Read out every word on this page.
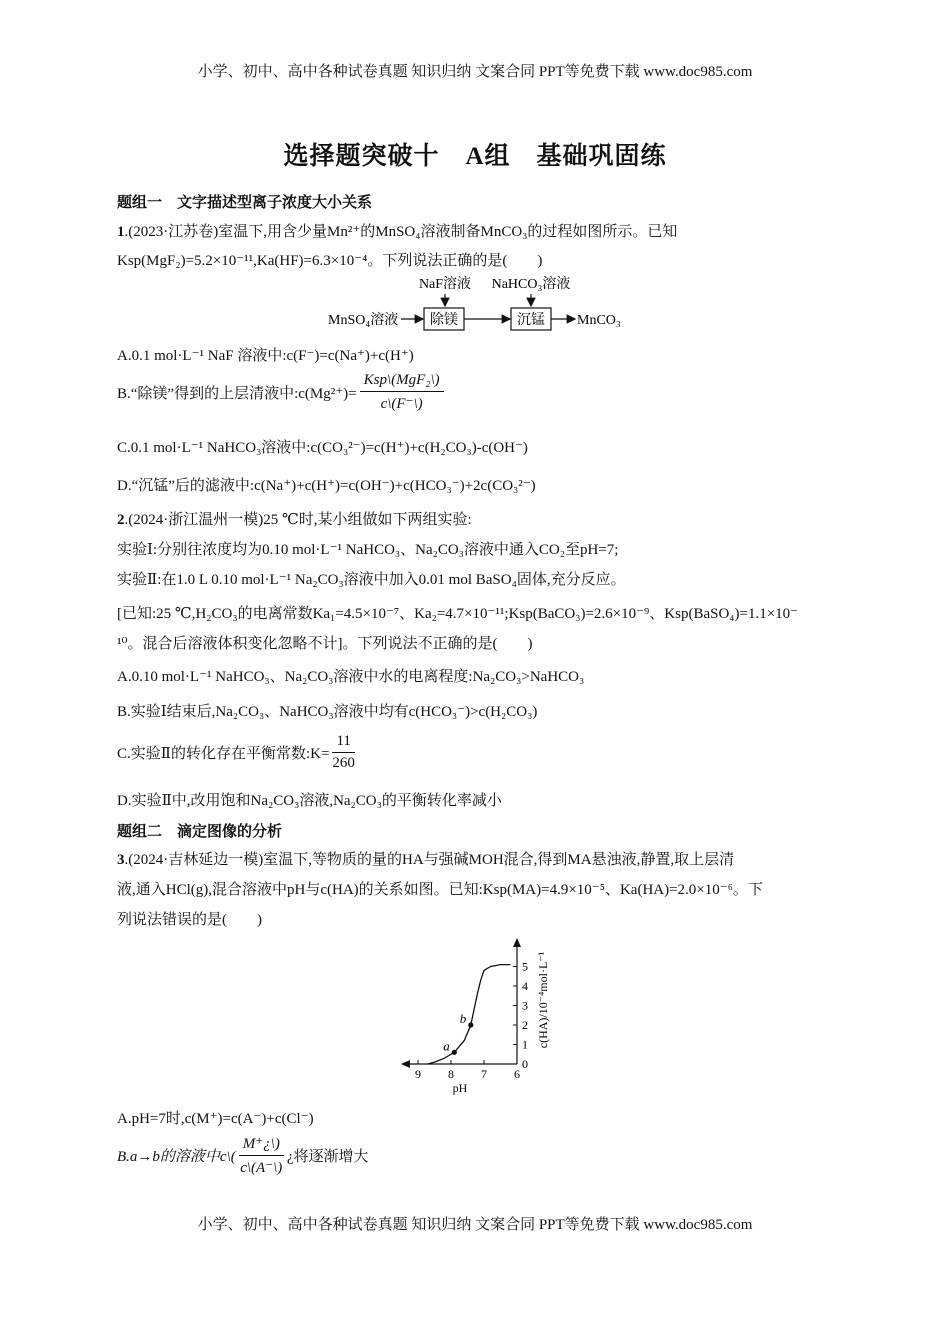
小学、初中、高中各种试卷真题 知识归纳 文案合同 PPT等免费下载 www.doc985.com
选择题突破十　A组　基础巩固练
题组一　文字描述型离子浓度大小关系
1.(2023·江苏卷)室温下,用含少量Mn²⁺的MnSO₄溶液制备MnCO₃的过程如图所示。已知
Ksp(MgF₂)=5.2×10⁻¹¹,Ka(HF)=6.3×10⁻⁴。下列说法正确的是(　　)
NaF溶液 NaHCO₃溶液
MnSO₄溶液 除镁	沉锰 MnCO₃
A.0.1 mol·L⁻¹ NaF 溶液中:c(F⁻)=c(Na⁺)+c(H⁺)
B.“除镁”得到的上层清液中:c(Mg²⁺)= $\frac{\text{Ksp\textbackslash{}(MgF₂\textbackslash{})}}{c\backslash(F^-\backslash)}$
C.0.1 mol·L⁻¹ NaHCO₃溶液中:c(CO₃²⁻)=c(H⁺)+c(H₂CO₃)-c(OH⁻)
D.“沉锰”后的滤液中:c(Na⁺)+c(H⁺)=c(OH⁻)+c(HCO₃⁻)+2c(CO₃²⁻)
2.(2024·浙江温州一模)25 ℃时,某小组做如下两组实验:
实验Ⅰ:分别往浓度均为0.10 mol·L⁻¹ NaHCO₃、Na₂CO₃溶液中通入CO₂至pH=7;
实验Ⅱ:在1.0 L 0.10 mol·L⁻¹ Na₂CO₃溶液中加入0.01 mol BaSO₄固体,充分反应。
[已知:25 ℃,H₂CO₃的电离常数Ka₁=4.5×10⁻⁷、Ka₂=4.7×10⁻¹¹;Ksp(BaCO₃)=2.6×10⁻⁹、Ksp(BaSO₄)=1.1×10⁻
¹⁰。混合后溶液体积变化忽略不计]。下列说法不正确的是(　　)
A.0.10 mol·L⁻¹ NaHCO₃、Na₂CO₃溶液中水的电离程度:Na₂CO₃>NaHCO₃
B.实验Ⅰ结束后,Na₂CO₃、NaHCO₃溶液中均有c(HCO₃⁻)>c(H₂CO₃)
C.实验Ⅱ的转化存在平衡常数:K= $\frac{11}{260}$
D.实验Ⅱ中,改用饱和Na₂CO₃溶液,Na₂CO₃的平衡转化率减小
题组二　滴定图像的分析
3.(2024·吉林延边一模)室温下,等物质的量的HA与强碱MOH混合,得到MA悬浊液,静置,取上层清
液,通入HCl(g),混合溶液中pH与c(HA)的关系如图。已知:Ksp(MA)=4.9×10⁻⁵、Ka(HA)=2.0×10⁻⁶。下
列说法错误的是(　　)
9 8 7 6
0
1
2
3
4
5
a
b
pH
c(HA)/10⁻⁴mol·L⁻¹
A.pH=7时,c(M⁺)=c(A⁻)+c(Cl⁻)
B.a→b的溶液中c\( $\frac{M^+¿\backslash)}{c\backslash(A^-\backslash)}$ ¿将逐渐增大
小学、初中、高中各种试卷真题 知识归纳 文案合同 PPT等免费下载 www.doc985.com
